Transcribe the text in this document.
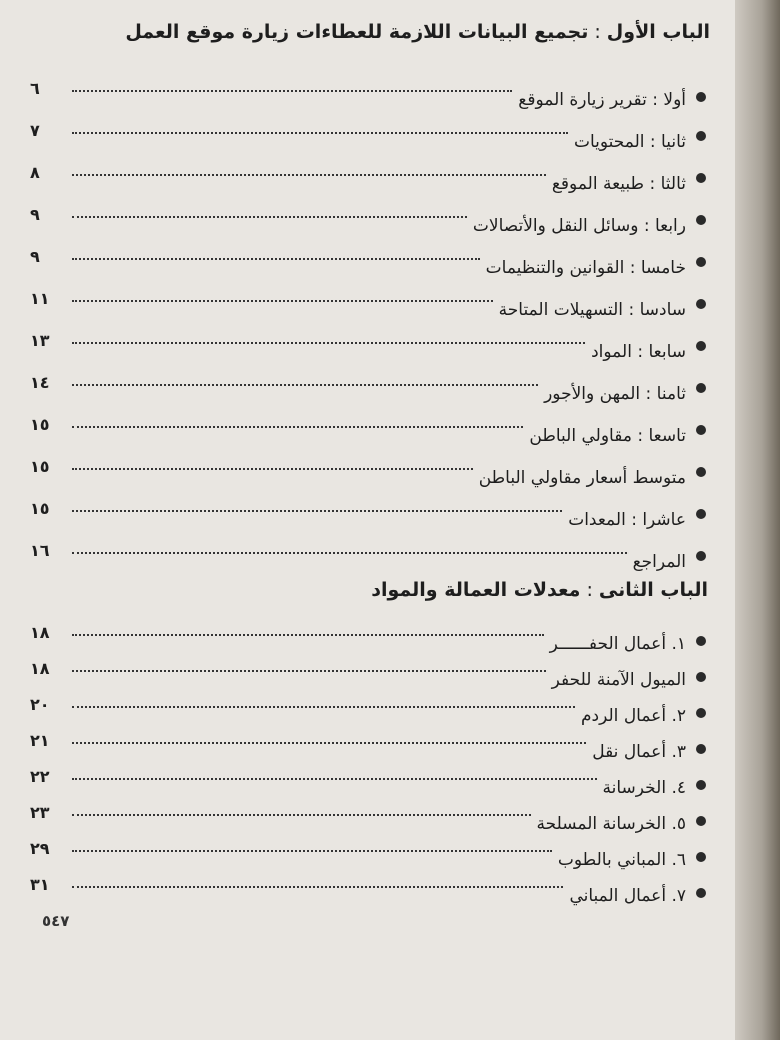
الباب الأول:تجميع البيانات اللازمة للعطاءات زيارة موقع العمل
أولا : تقرير زيارة الموقع
٦
ثانيا : المحتويات
٧
ثالثا : طبيعة الموقع
٨
رابعا : وسائل النقل والأتصالات
٩
خامسا : القوانين والتنظيمات
٩
سادسا : التسهيلات المتاحة
١١
سابعا : المواد
١٣
ثامنا : المهن والأجور
١٤
تاسعا : مقاولي الباطن
١٥
متوسط أسعار مقاولي الباطن
١٥
عاشرا : المعدات
١٥
المراجع
١٦
الباب الثانى:معدلات العمالة والمواد
١. أعمال الحفــــــر
١٨
الميول الآمنة للحفر
١٨
٢. أعمال الردم
٢٠
٣. أعمال نقل
٢١
٤. الخرسانة
٢٢
٥. الخرسانة المسلحة
٢٣
٦. المباني بالطوب
٢٩
٧. أعمال المباني
٣١
٥٤٧
